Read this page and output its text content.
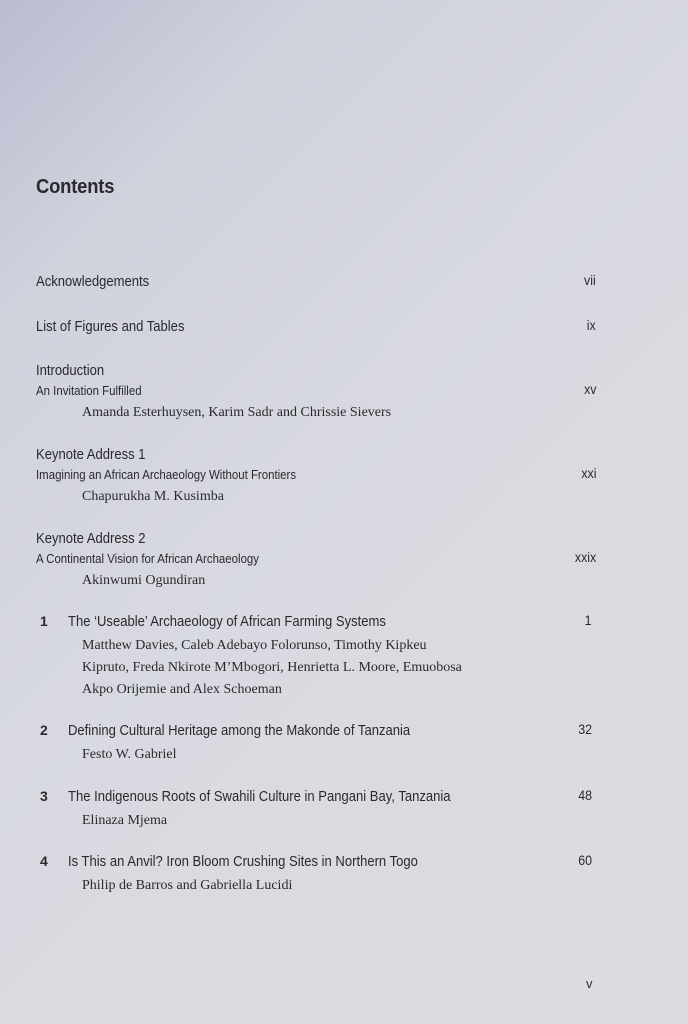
Contents
Acknowledgements	vii
List of Figures and Tables	ix
Introduction
An Invitation Fulfilled	xv
Amanda Esterhuysen, Karim Sadr and Chrissie Sievers
Keynote Address 1
Imagining an African Archaeology Without Frontiers	xxi
Chapurukha M. Kusimba
Keynote Address 2
A Continental Vision for African Archaeology	xxix
Akinwumi Ogundiran
1 The ‘Useable’ Archaeology of African Farming Systems	1
Matthew Davies, Caleb Adebayo Folorunso, Timothy Kipkeu
Kipruto, Freda Nkirote M’Mbogori, Henrietta L. Moore, Emuobosa
Akpo Orijemie and Alex Schoeman
2 Defining Cultural Heritage among the Makonde of Tanzania	32
Festo W. Gabriel
3 The Indigenous Roots of Swahili Culture in Pangani Bay, Tanzania	48
Elinaza Mjema
4 Is This an Anvil? Iron Bloom Crushing Sites in Northern Togo	60
Philip de Barros and Gabriella Lucidi
v
